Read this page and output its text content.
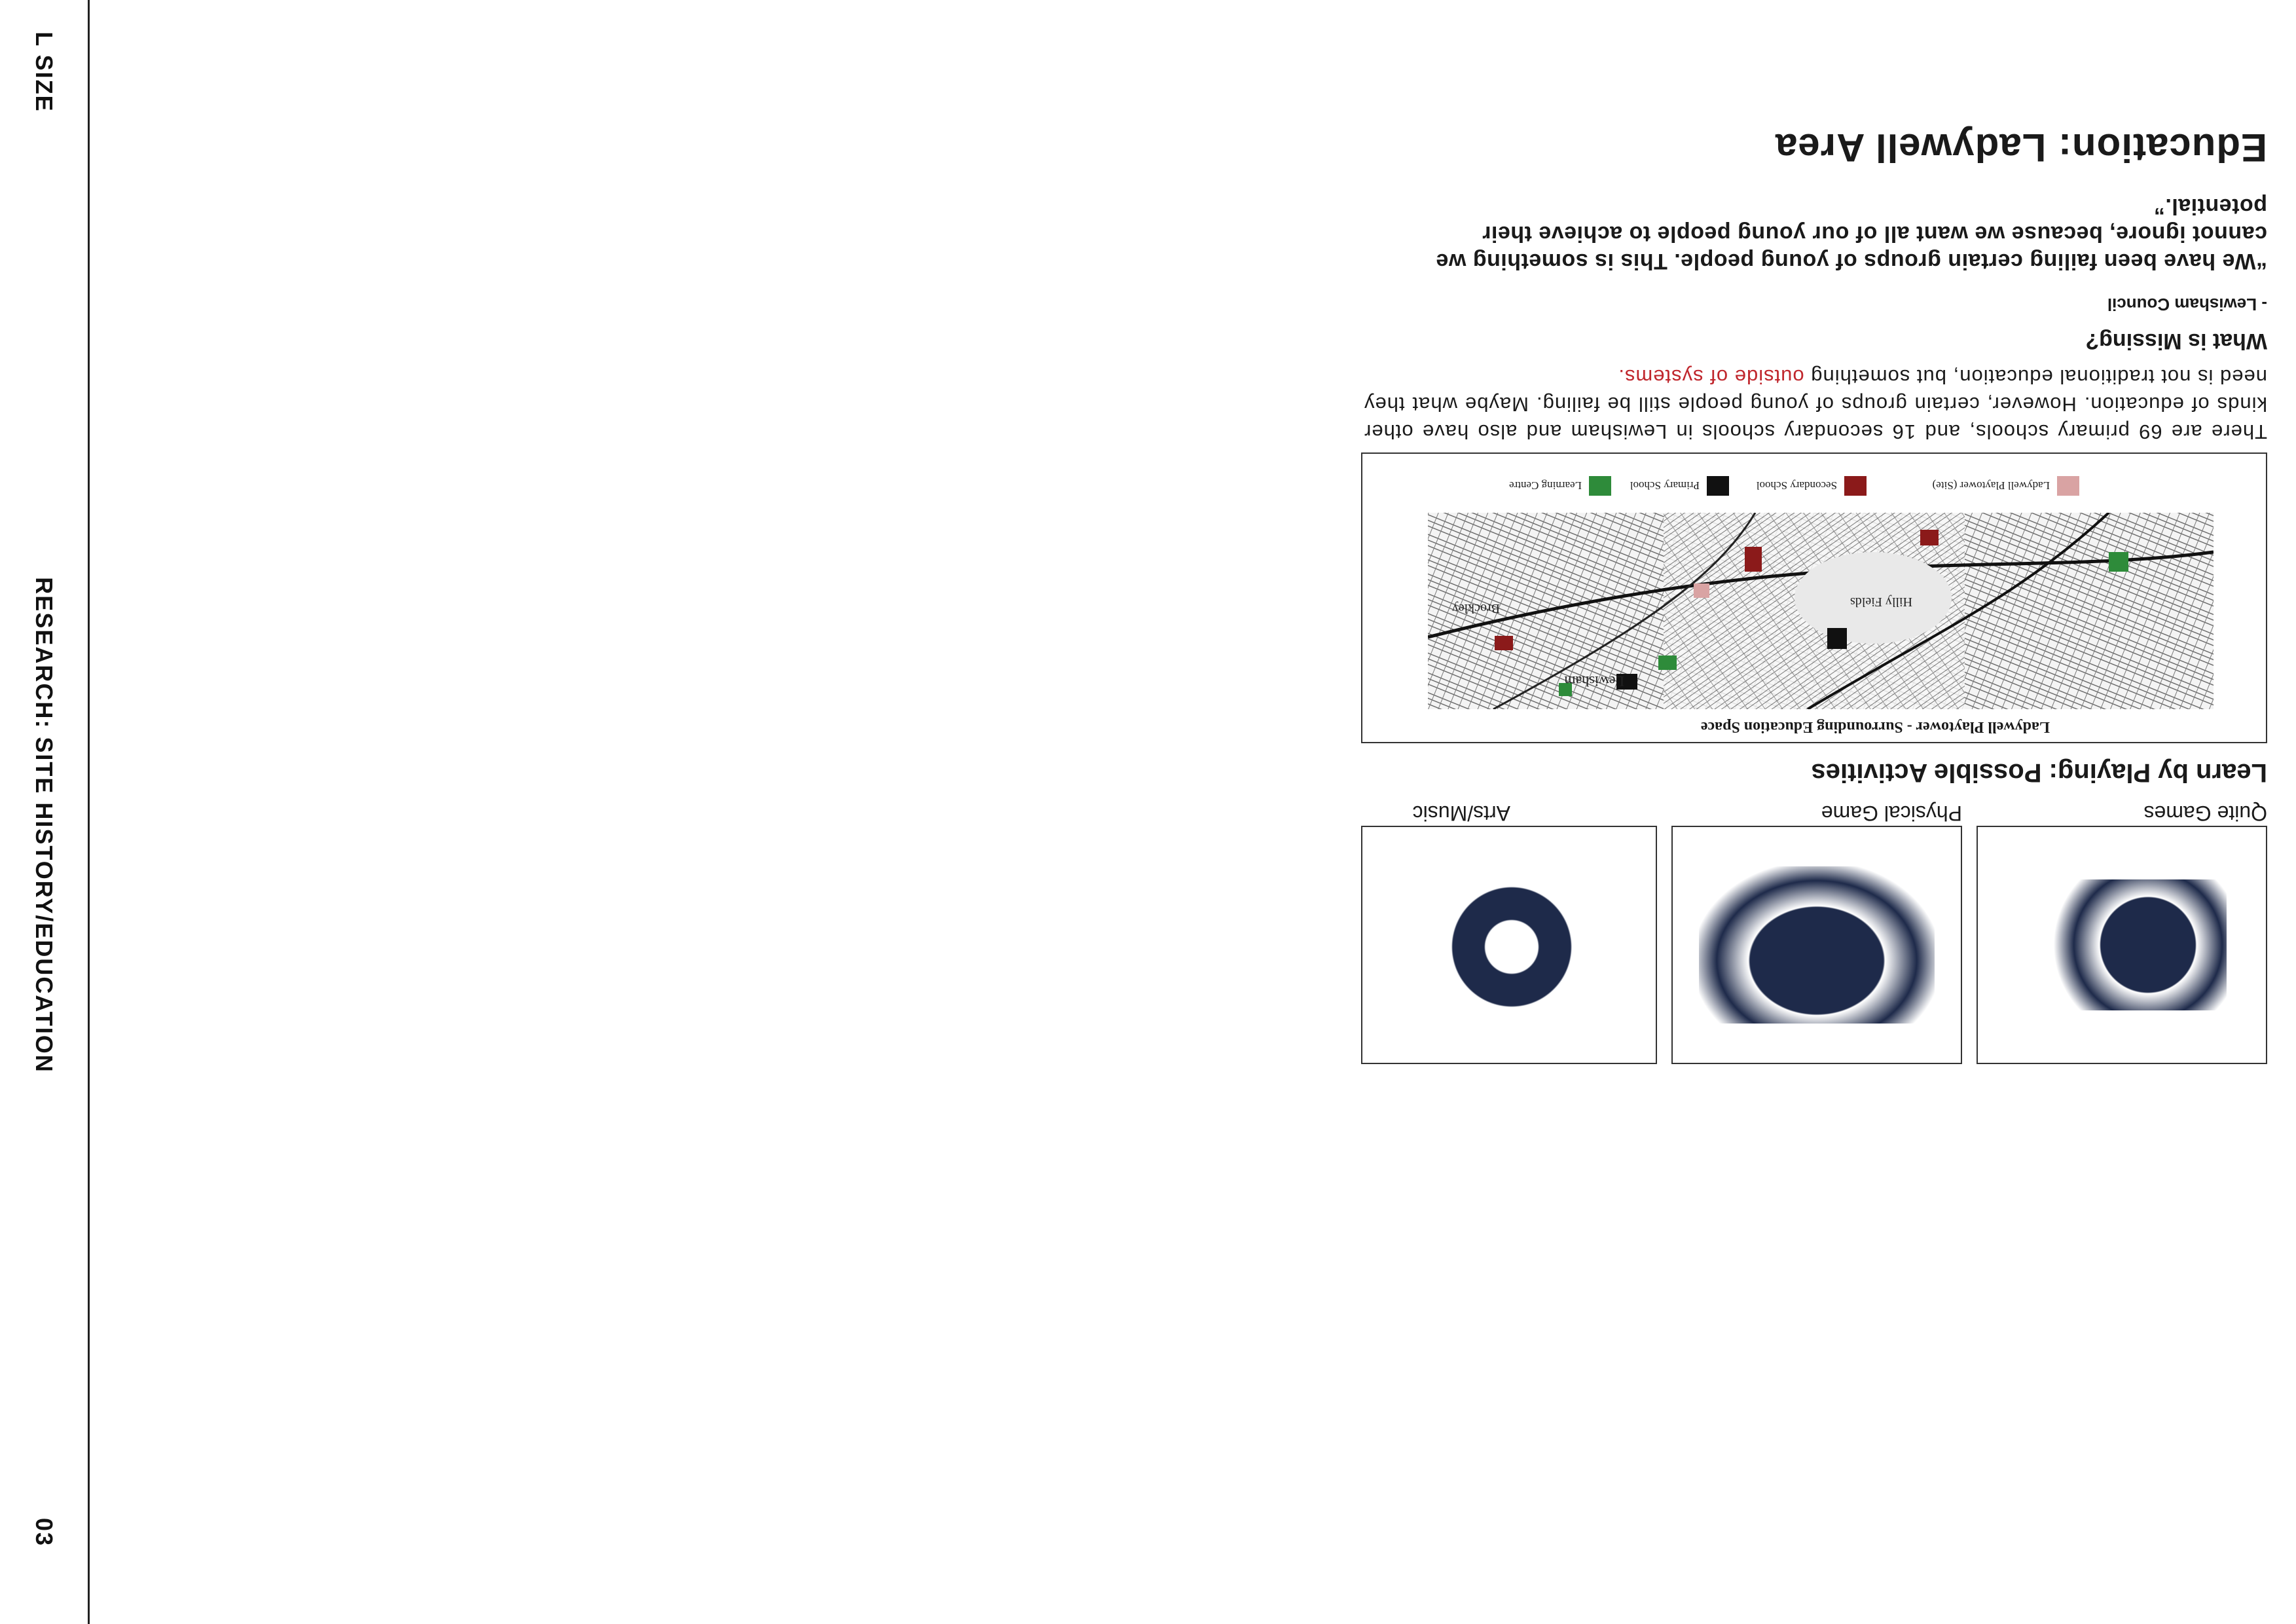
L SIZE
RESEARCH: SITE HISTORY/EDUCATION
03
Education: Ladywell Area
“We have been failing certain groups of young people. This is something we cannot ignore, because we want all of our young people to achieve their potential.”
- Lewisham Council
What is Missing?
There are 69 primary schools, and 16 secondary schools in Lewisham and also have other kinds of education. However, certain groups of young people still be failing. Maybe what they need is not traditional education, but something outside of systems.
Ladywell Playtower - Surrounding Education Space
Hilly Fields
Lewisham
Brockley
Ladywell Playtower (Site)
Secondary School
Primary School
Learning Centre
Learn by Playing: Possible Activities
Quite Games
Physical Game
Arts/Music
